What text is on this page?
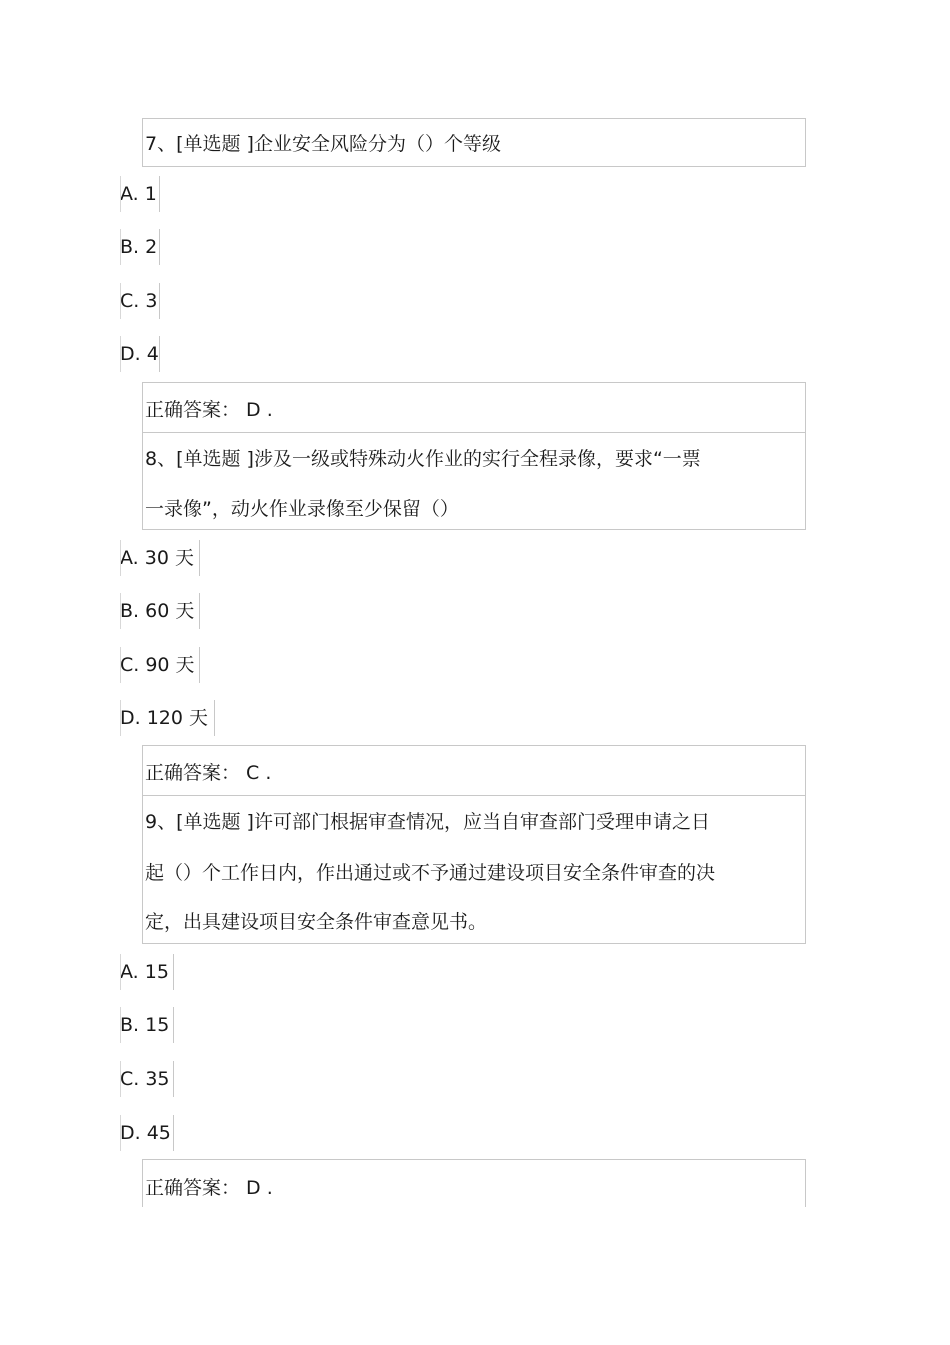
7、[单选题 ]企业安全风险分为（）个等级
A. 1
B. 2
C. 3
D. 4
正确答案： D .
8、[单选题 ]涉及一级或特殊动火作业的实行全程录像，要求“一票
一录像”，动火作业录像至少保留（）
A. 30 天
B. 60 天
C. 90 天
D. 120 天
正确答案： C .
9、[单选题 ]许可部门根据审查情况，应当自审查部门受理申请之日
起（）个工作日内，作出通过或不予通过建设项目安全条件审查的决
定，出具建设项目安全条件审查意见书。
A. 15
B. 15
C. 35
D. 45
正确答案： D .
